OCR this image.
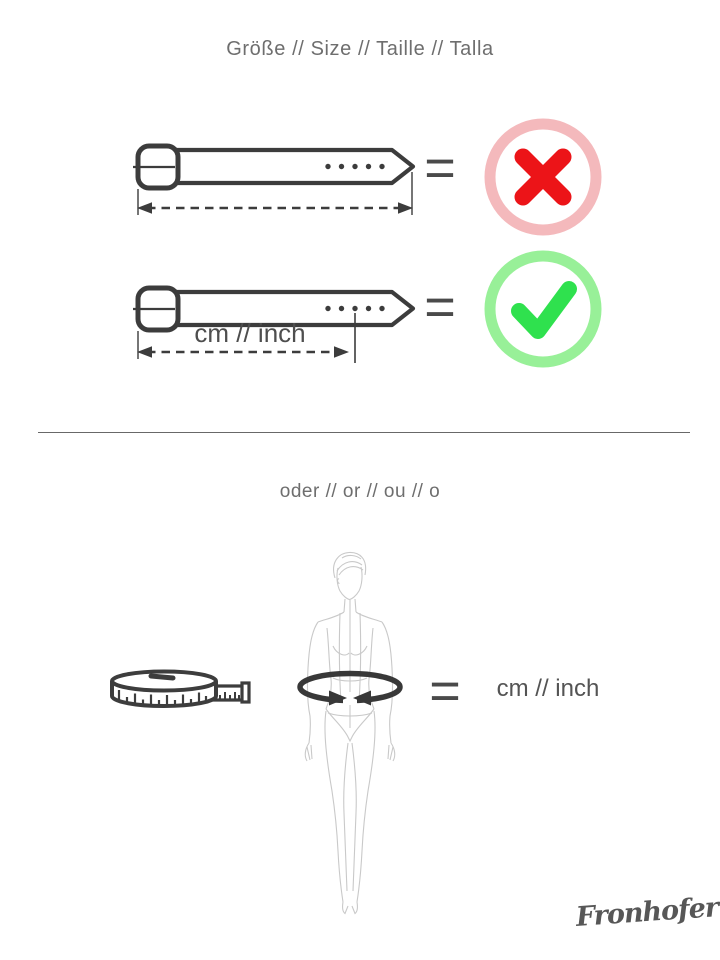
Größe // Size // Taille // Talla
=
cm // inch	=
oder // or // ou // o
=	cm // inch
Fronhofer
